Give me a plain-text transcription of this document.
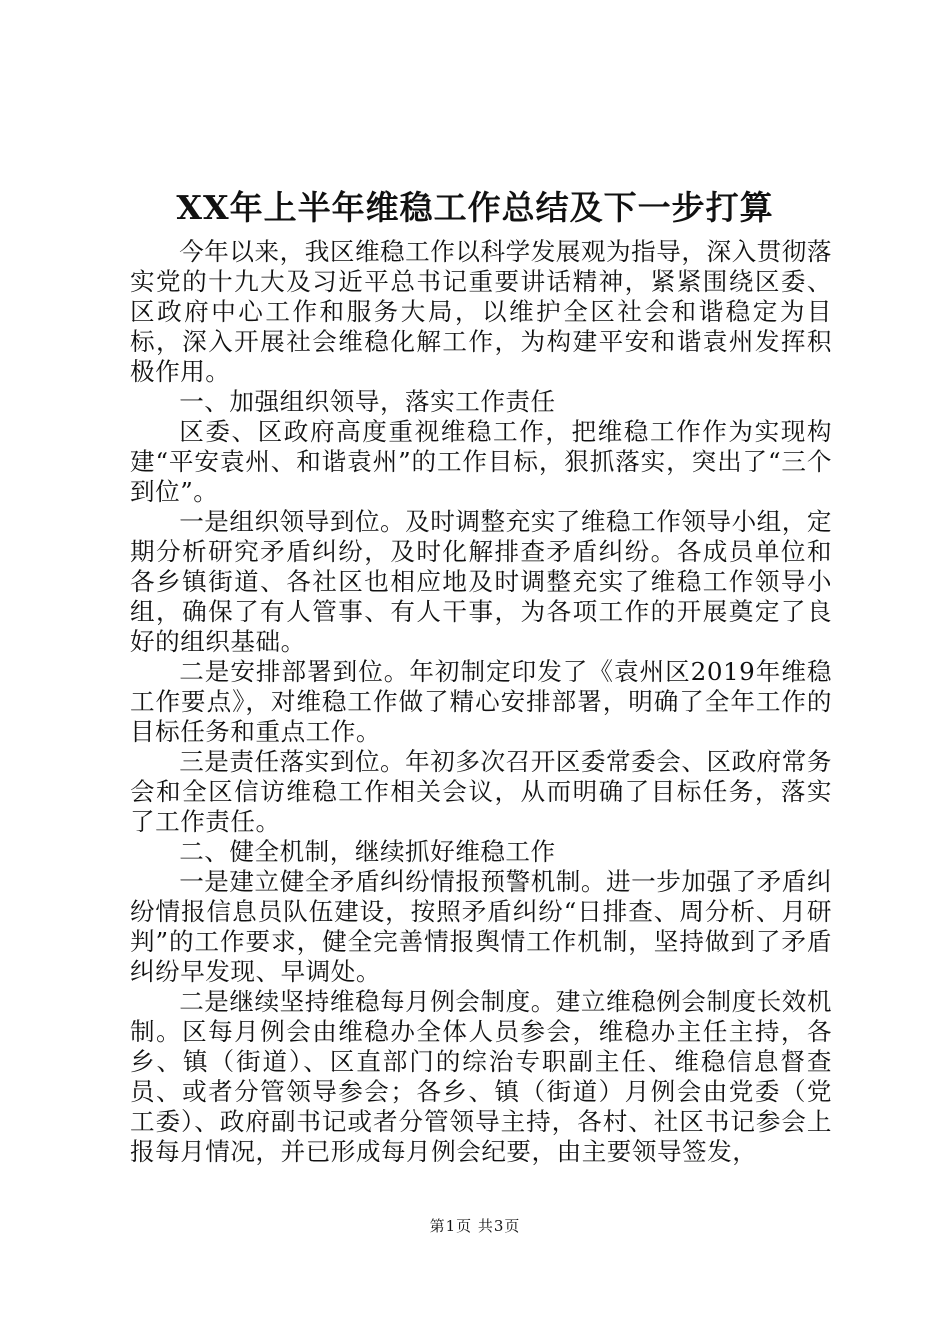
XX年上半年维稳工作总结及下一步打算

今年以来，我区维稳工作以科学发展观为指导，深入贯彻落实党的十九大及习近平总书记重要讲话精神，紧紧围绕区委、区政府中心工作和服务大局，以维护全区社会和谐稳定为目标，深入开展社会维稳化解工作，为构建平安和谐袁州发挥积极作用。

一、加强组织领导，落实工作责任

区委、区政府高度重视维稳工作，把维稳工作作为实现构建“平安袁州、和谐袁州”的工作目标，狠抓落实，突出了“三个到位”。

一是组织领导到位。及时调整充实了维稳工作领导小组，定期分析研究矛盾纠纷，及时化解排查矛盾纠纷。各成员单位和各乡镇街道、各社区也相应地及时调整充实了维稳工作领导小组，确保了有人管事、有人干事，为各项工作的开展奠定了良好的组织基础。

二是安排部署到位。年初制定印发了《袁州区2019年维稳工作要点》，对维稳工作做了精心安排部署，明确了全年工作的目标任务和重点工作。

三是责任落实到位。年初多次召开区委常委会、区政府常务会和全区信访维稳工作相关会议，从而明确了目标任务，落实了工作责任。

二、健全机制，继续抓好维稳工作

一是建立健全矛盾纠纷情报预警机制。进一步加强了矛盾纠纷情报信息员队伍建设，按照矛盾纠纷“日排查、周分析、月研判”的工作要求，健全完善情报舆情工作机制，坚持做到了矛盾纠纷早发现、早调处。

二是继续坚持维稳每月例会制度。建立维稳例会制度长效机制。区每月例会由维稳办全体人员参会，维稳办主任主持，各乡、镇（街道）、区直部门的综治专职副主任、维稳信息督查员、或者分管领导参会；各乡、镇（街道）月例会由党委（党工委）、政府副书记或者分管领导主持，各村、社区书记参会上报每月情况，并已形成每月例会纪要，由主要领导签发，

第1页 共3页
